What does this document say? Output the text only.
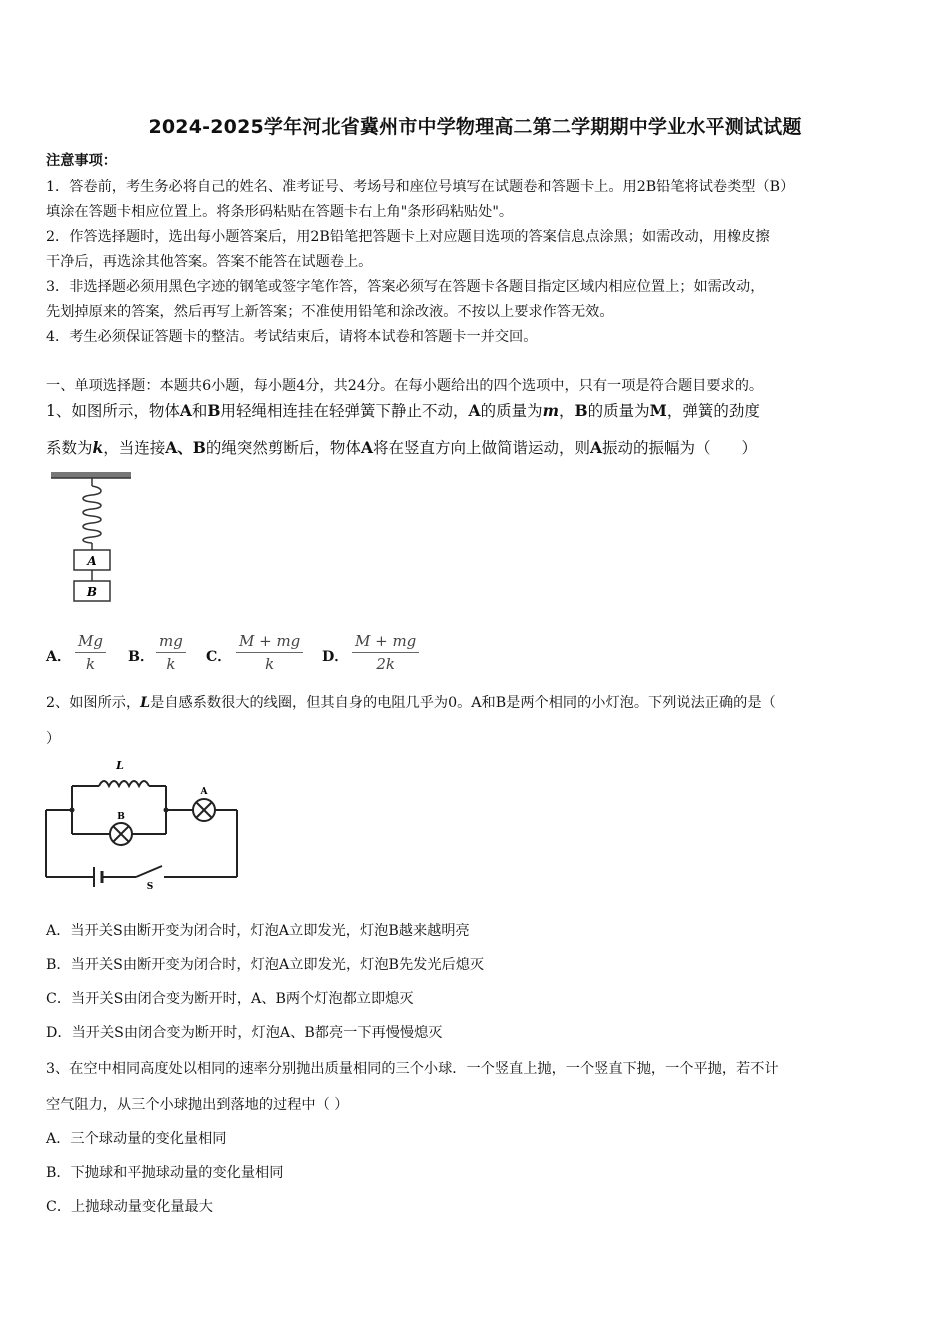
2024-2025学年河北省冀州市中学物理高二第二学期期中学业水平测试试题
注意事项：
1．答卷前，考生务必将自己的姓名、准考证号、考场号和座位号填写在试题卷和答题卡上。用2B铅笔将试卷类型（B）
填涂在答题卡相应位置上。将条形码粘贴在答题卡右上角"条形码粘贴处"。
2．作答选择题时，选出每小题答案后，用2B铅笔把答题卡上对应题目选项的答案信息点涂黑；如需改动，用橡皮擦
干净后，再选涂其他答案。答案不能答在试题卷上。
3．非选择题必须用黑色字迹的钢笔或签字笔作答，答案必须写在答题卡各题目指定区域内相应位置上；如需改动，
先划掉原来的答案，然后再写上新答案；不准使用铅笔和涂改液。不按以上要求作答无效。
4．考生必须保证答题卡的整洁。考试结束后，请将本试卷和答题卡一并交回。
一、单项选择题：本题共6小题，每小题4分，共24分。在每小题给出的四个选项中，只有一项是符合题目要求的。
1、如图所示，物体A和B用轻绳相连挂在轻弹簧下静止不动，A的质量为m，B的质量为M，弹簧的劲度
系数为k，当连接A、B的绳突然剪断后，物体A将在竖直方向上做简谐运动，则A振动的振幅为（　　）
A
B
A． $\frac{Mg}{k}$ B． $\frac{mg}{k}$ C． $\frac{M + mg}{k}$ D． $\frac{M + mg}{2k}$
2、如图所示，L是自感系数很大的线圈，但其自身的电阻几乎为0。A和B是两个相同的小灯泡。下列说法正确的是（
）
L
B
A
S
A．当开关S由断开变为闭合时，灯泡A立即发光，灯泡B越来越明亮
B．当开关S由断开变为闭合时，灯泡A立即发光，灯泡B先发光后熄灭
C．当开关S由闭合变为断开时，A、B两个灯泡都立即熄灭
D．当开关S由闭合变为断开时，灯泡A、B都亮一下再慢慢熄灭
3、在空中相同高度处以相同的速率分别抛出质量相同的三个小球．一个竖直上抛，一个竖直下抛，一个平抛，若不计
空气阻力，从三个小球抛出到落地的过程中（ ）
A．三个球动量的变化量相同
B．下抛球和平抛球动量的变化量相同
C．上抛球动量变化量最大
